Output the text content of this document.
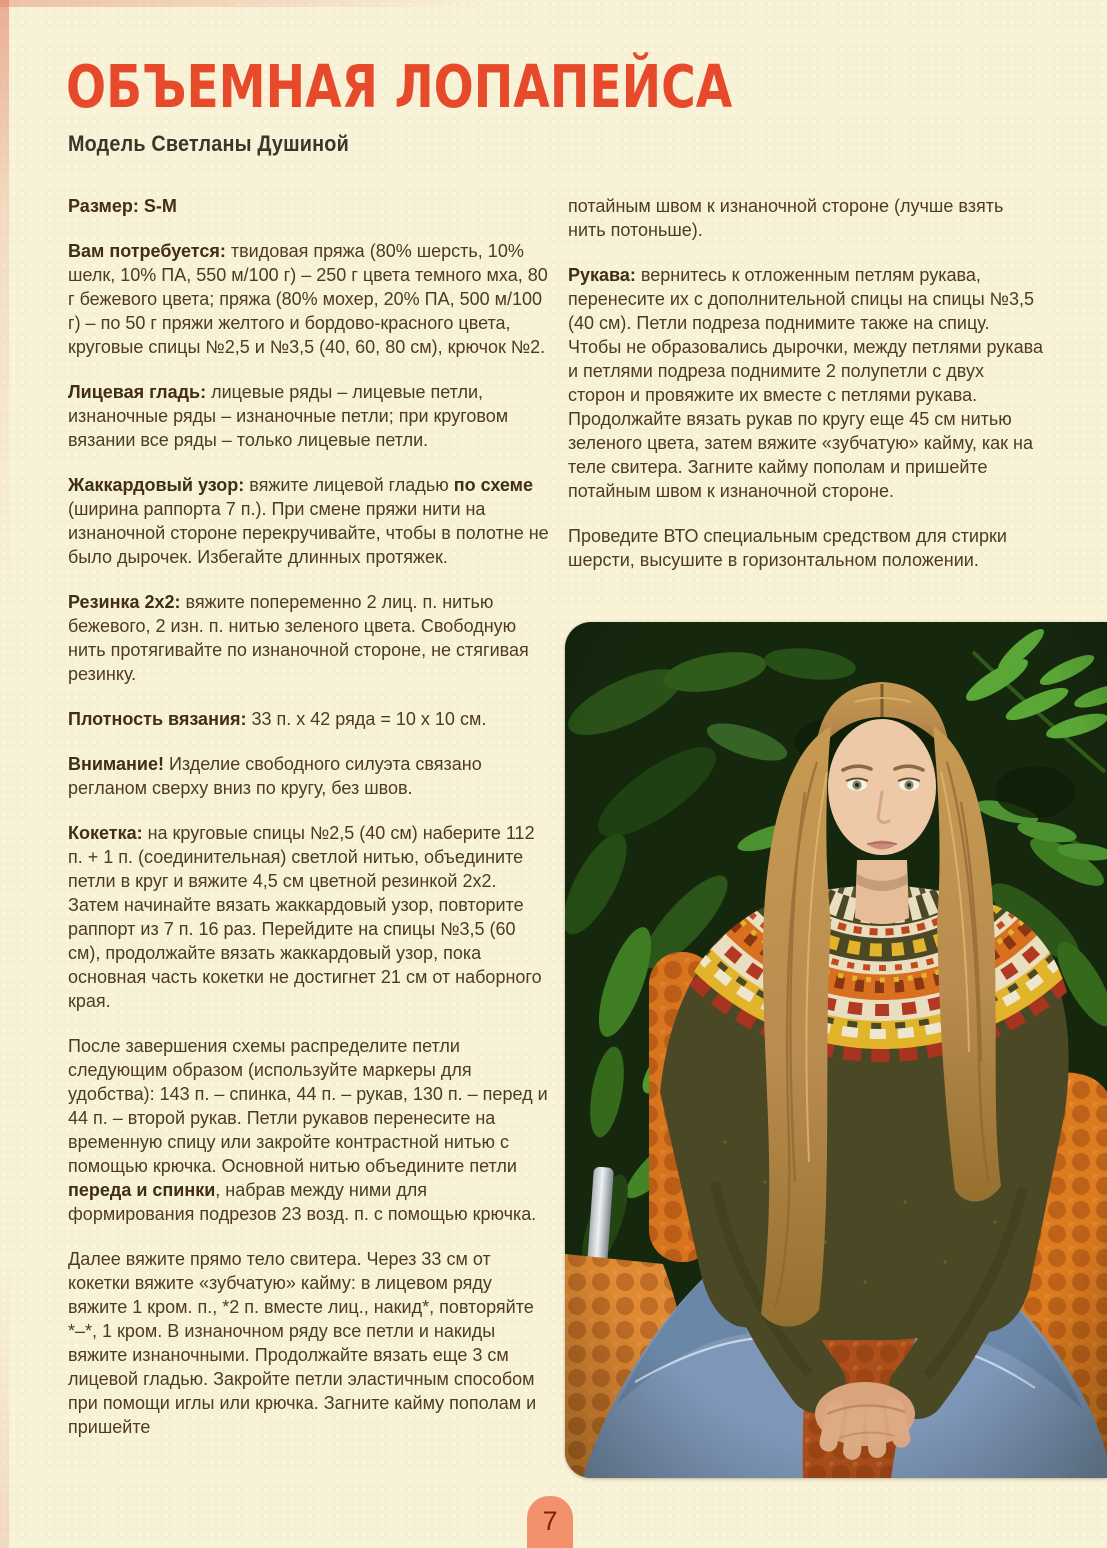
ОБЪЕМНАЯ ЛОПАПЕЙСА
Модель Светланы Душиной

Размер: S-M

Вам потребуется: твидовая пряжа (80% шерсть, 10% шелк, 10% ПА, 550 м/100 г) – 250 г цвета темного мха, 80 г бежевого цвета; пряжа (80% мохер, 20% ПА, 500 м/100 г) – по 50 г пряжи желтого и бордово-красного цвета, круговые спицы №2,5 и №3,5 (40, 60, 80 см), крючок №2.

Лицевая гладь: лицевые ряды – лицевые петли, изнаночные ряды – изнаночные петли; при круговом вязании все ряды – только лицевые петли.

Жаккардовый узор: вяжите лицевой гладью по схеме (ширина раппорта 7 п.). При смене пряжи нити на изнаночной стороне перекручивайте, чтобы в полотне не было дырочек. Избегайте длинных протяжек.

Резинка 2x2: вяжите попеременно 2 лиц. п. нитью бежевого, 2 изн. п. нитью зеленого цвета. Свободную нить протягивайте по изнаночной стороне, не стягивая резинку.

Плотность вязания: 33 п. x 42 ряда = 10 x 10 см.

Внимание! Изделие свободного силуэта связано регланом сверху вниз по кругу, без швов.

Кокетка: на круговые спицы №2,5 (40 см) наберите 112 п. + 1 п. (соединительная) светлой нитью, объедините петли в круг и вяжите 4,5 см цветной резинкой 2x2. Затем начинайте вязать жаккардовый узор, повторите раппорт из 7 п. 16 раз. Перейдите на спицы №3,5 (60 см), продолжайте вязать жаккардовый узор, пока основная часть кокетки не достигнет 21 см от наборного края.

После завершения схемы распределите петли следующим образом (используйте маркеры для удобства): 143 п. – спинка, 44 п. – рукав, 130 п. – перед и 44 п. – второй рукав. Петли рукавов перенесите на временную спицу или закройте контрастной нитью с помощью крючка. Основной нитью объедините петли переда и спинки, набрав между ними для формирования подрезов 23 возд. п. с помощью крючка.

Далее вяжите прямо тело свитера. Через 33 см от кокетки вяжите «зубчатую» кайму: в лицевом ряду вяжите 1 кром. п., *2 п. вместе лиц., накид*, повторяйте *–*, 1 кром. В изнаночном ряду все петли и накиды вяжите изнаночными. Продолжайте вязать еще 3 см лицевой гладью. Закройте петли эластичным способом при помощи иглы или крючка. Загните кайму пополам и пришейте

потайным швом к изнаночной стороне (лучше взять нить потоньше).

Рукава: вернитесь к отложенным петлям рукава, перенесите их с дополнительной спицы на спицы №3,5 (40 см). Петли подреза поднимите также на спицу. Чтобы не образовались дырочки, между петлями рукава и петлями подреза поднимите 2 полупетли с двух сторон и провяжите их вместе с петлями рукава. Продолжайте вязать рукав по кругу еще 45 см нитью зеленого цвета, затем вяжите «зубчатую» кайму, как на теле свитера. Загните кайму пополам и пришейте потайным швом к изнаночной стороне.

Проведите ВТО специальным средством для стирки шерсти, высушите в горизонтальном положении.

7
